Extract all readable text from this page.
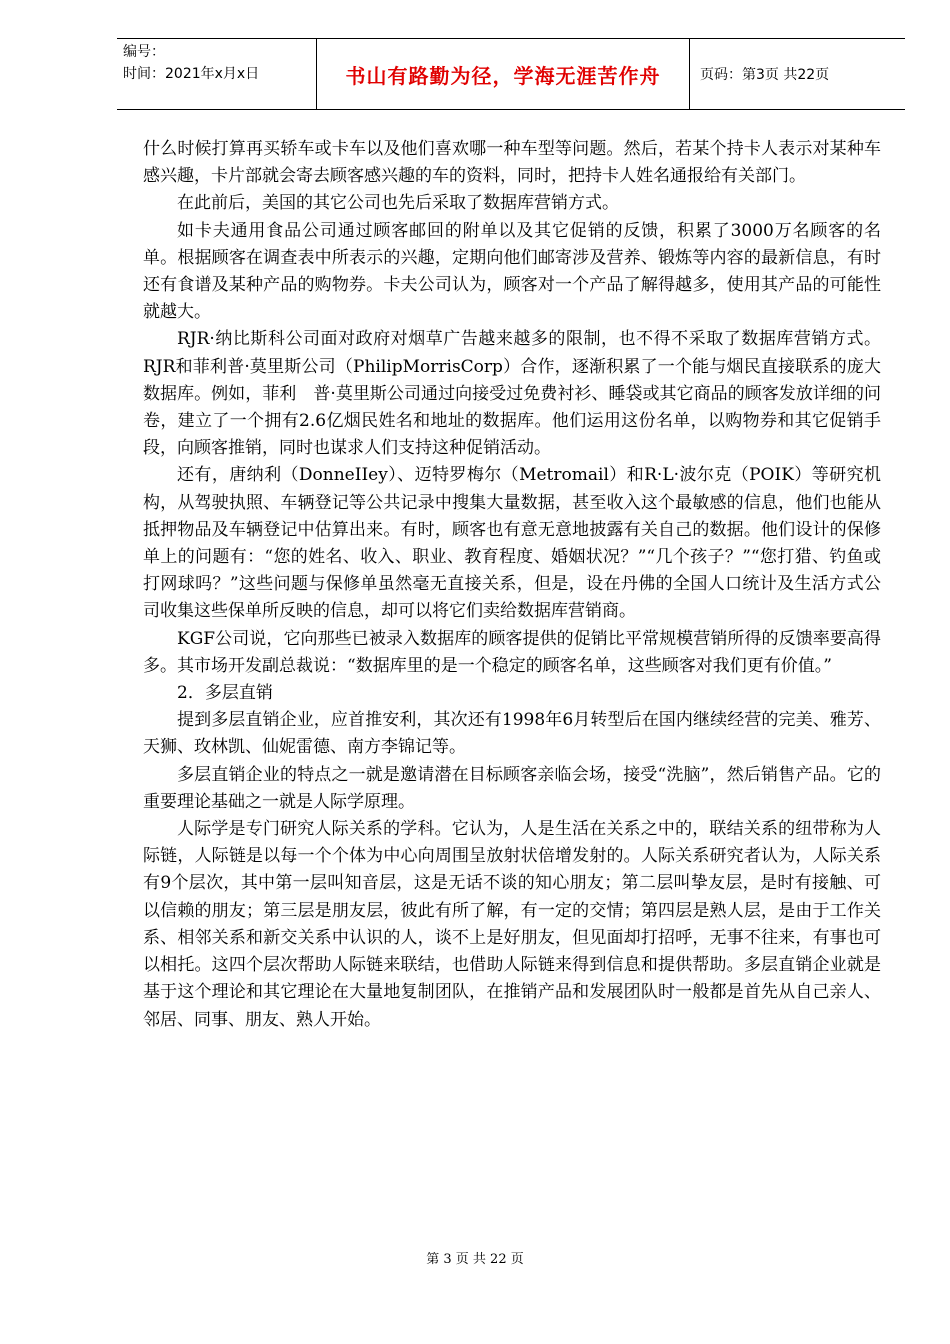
编号：
时间：2021年x月x日	书山有路勤为径，学海无涯苦作舟	页码：第3页 共22页

什么时候打算再买轿车或卡车以及他们喜欢哪一种车型等问题。然后，若某个持卡人表示对某种车感兴趣，卡片部就会寄去顾客感兴趣的车的资料，同时，把持卡人姓名通报给有关部门。

在此前后，美国的其它公司也先后采取了数据库营销方式。

如卡夫通用食品公司通过顾客邮回的附单以及其它促销的反馈，积累了3000万名顾客的名单。根据顾客在调查表中所表示的兴趣，定期向他们邮寄涉及营养、锻炼等内容的最新信息，有时还有食谱及某种产品的购物券。卡夫公司认为，顾客对一个产品了解得越多，使用其产品的可能性就越大。

RJR·纳比斯科公司面对政府对烟草广告越来越多的限制，也不得不采取了数据库营销方式。RJR和菲利普·莫里斯公司（PhilipMorrisCorp）合作，逐渐积累了一个能与烟民直接联系的庞大数据库。例如，菲利　普·莫里斯公司通过向接受过免费衬衫、睡袋或其它商品的顾客发放详细的问卷，建立了一个拥有2.6亿烟民姓名和地址的数据库。他们运用这份名单，以购物券和其它促销手段，向顾客推销，同时也谋求人们支持这种促销活动。

还有，唐纳利（DonneIIey）、迈特罗梅尔（Metromail）和R·L·波尔克（POIK）等研究机构，从驾驶执照、车辆登记等公共记录中搜集大量数据，甚至收入这个最敏感的信息，他们也能从抵押物品及车辆登记中估算出来。有时，顾客也有意无意地披露有关自己的数据。他们设计的保修单上的问题有：“您的姓名、收入、职业、教育程度、婚姻状况？”“几个孩子？”“您打猎、钓鱼或打网球吗？”这些问题与保修单虽然毫无直接关系，但是，设在丹佛的全国人口统计及生活方式公司收集这些保单所反映的信息，却可以将它们卖给数据库营销商。

KGF公司说，它向那些已被录入数据库的顾客提供的促销比平常规模营销所得的反馈率要高得多。其市场开发副总裁说：“数据库里的是一个稳定的顾客名单，这些顾客对我们更有价值。”

2．多层直销

提到多层直销企业，应首推安利，其次还有1998年6月转型后在国内继续经营的完美、雅芳、天狮、玫林凯、仙妮雷德、南方李锦记等。

多层直销企业的特点之一就是邀请潜在目标顾客亲临会场，接受“洗脑”，然后销售产品。它的重要理论基础之一就是人际学原理。

人际学是专门研究人际关系的学科。它认为，人是生活在关系之中的，联结关系的纽带称为人际链，人际链是以每一个个体为中心向周围呈放射状倍增发射的。人际关系研究者认为，人际关系有9个层次，其中第一层叫知音层，这是无话不谈的知心朋友；第二层叫挚友层，是时有接触、可以信赖的朋友；第三层是朋友层，彼此有所了解，有一定的交情；第四层是熟人层，是由于工作关系、相邻关系和新交关系中认识的人，谈不上是好朋友，但见面却打招呼，无事不往来，有事也可以相托。这四个层次帮助人际链来联结，也借助人际链来得到信息和提供帮助。多层直销企业就是基于这个理论和其它理论在大量地复制团队，在推销产品和发展团队时一般都是首先从自己亲人、邻居、同事、朋友、熟人开始。

第 3 页 共 22 页
